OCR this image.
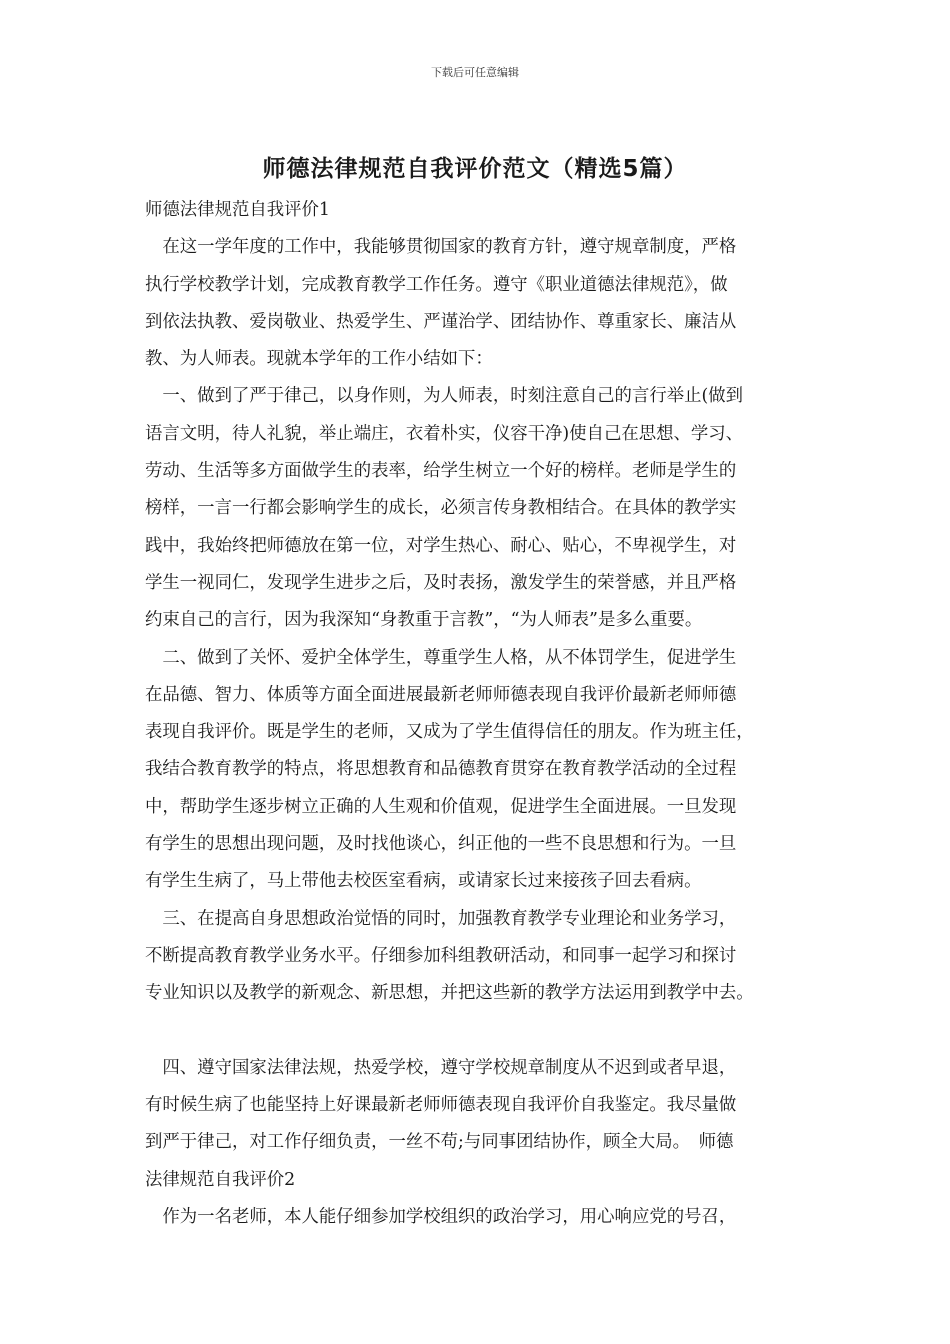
下载后可任意编辑
师德法律规范自我评价范文（精选5篇）
师德法律规范自我评价1
　在这一学年度的工作中，我能够贯彻国家的教育方针，遵守规章制度，严格
执行学校教学计划，完成教育教学工作任务。遵守《职业道德法律规范》，做
到依法执教、爱岗敬业、热爱学生、严谨治学、团结协作、尊重家长、廉洁从
教、为人师表。现就本学年的工作小结如下：
　一、做到了严于律己，以身作则，为人师表，时刻注意自己的言行举止(做到
语言文明，待人礼貌，举止端庄，衣着朴实，仪容干净)使自己在思想、学习、
劳动、生活等多方面做学生的表率，给学生树立一个好的榜样。老师是学生的
榜样，一言一行都会影响学生的成长，必须言传身教相结合。在具体的教学实
践中，我始终把师德放在第一位，对学生热心、耐心、贴心，不卑视学生，对
学生一视同仁，发现学生进步之后，及时表扬，激发学生的荣誉感，并且严格
约束自己的言行，因为我深知“身教重于言教”，“为人师表”是多么重要。
　二、做到了关怀、爱护全体学生，尊重学生人格，从不体罚学生，促进学生
在品德、智力、体质等方面全面进展最新老师师德表现自我评价最新老师师德
表现自我评价。既是学生的老师，又成为了学生值得信任的朋友。作为班主任，
我结合教育教学的特点，将思想教育和品德教育贯穿在教育教学活动的全过程
中，帮助学生逐步树立正确的人生观和价值观，促进学生全面进展。一旦发现
有学生的思想出现问题，及时找他谈心，纠正他的一些不良思想和行为。一旦
有学生生病了，马上带他去校医室看病，或请家长过来接孩子回去看病。
　三、在提高自身思想政治觉悟的同时，加强教育教学专业理论和业务学习，
不断提高教育教学业务水平。仔细参加科组教研活动，和同事一起学习和探讨
专业知识以及教学的新观念、新思想，并把这些新的教学方法运用到教学中去。
　四、遵守国家法律法规，热爱学校，遵守学校规章制度从不迟到或者早退，
有时候生病了也能坚持上好课最新老师师德表现自我评价自我鉴定。我尽量做
到严于律己，对工作仔细负责，一丝不苟;与同事团结协作，顾全大局。　师德
法律规范自我评价2
　作为一名老师，本人能仔细参加学校组织的政治学习，用心响应党的号召，
